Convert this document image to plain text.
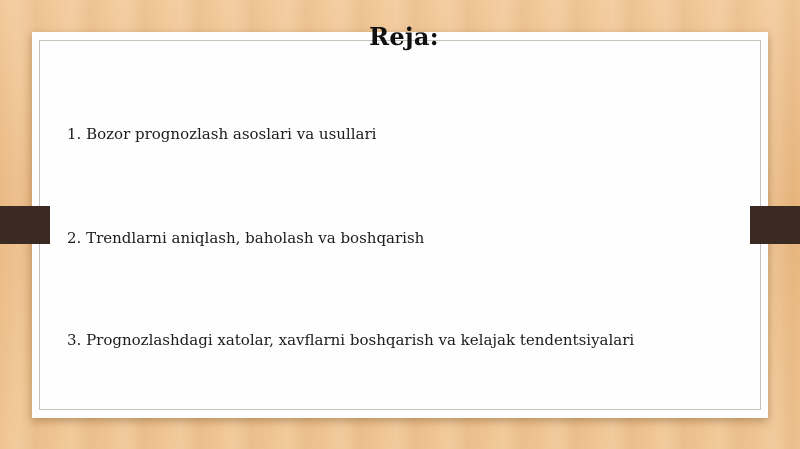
Reja:
1. Bozor prognozlash asoslari va usullari
2. Trendlarni aniqlash, baholash va boshqarish
3. Prognozlashdagi xatolar, xavflarni boshqarish va kelajak tendentsiyalari
